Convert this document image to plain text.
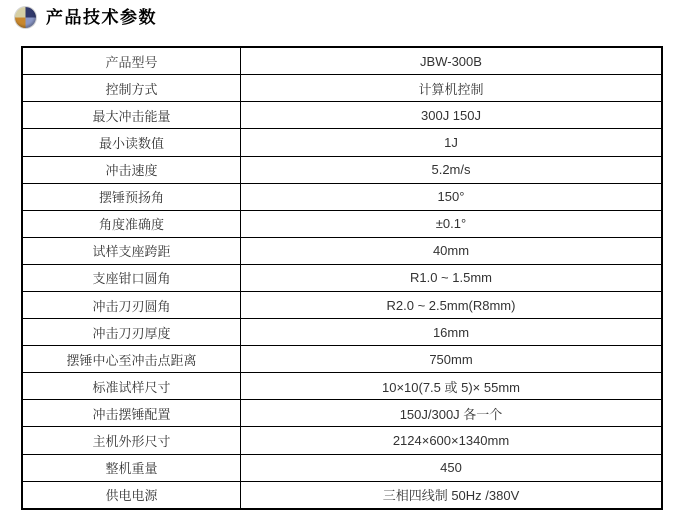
产品技术参数
产品型号	JBW-300B
控制方式	计算机控制
最大冲击能量	300J 150J
最小读数值	1J
冲击速度	5.2m/s
摆锤预扬角	150°
角度准确度	±0.1°
试样支座跨距	40mm
支座钳口圆角	R1.0 ~ 1.5mm
冲击刀刃圆角	R2.0 ~ 2.5mm(R8mm)
冲击刀刃厚度	16mm
摆锤中心至冲击点距离	750mm
标准试样尺寸	10×10(7.5 或 5)× 55mm
冲击摆锤配置	150J/300J 各一个
主机外形尺寸	2124×600×1340mm
整机重量	450
供电电源	三相四线制 50Hz /380V
